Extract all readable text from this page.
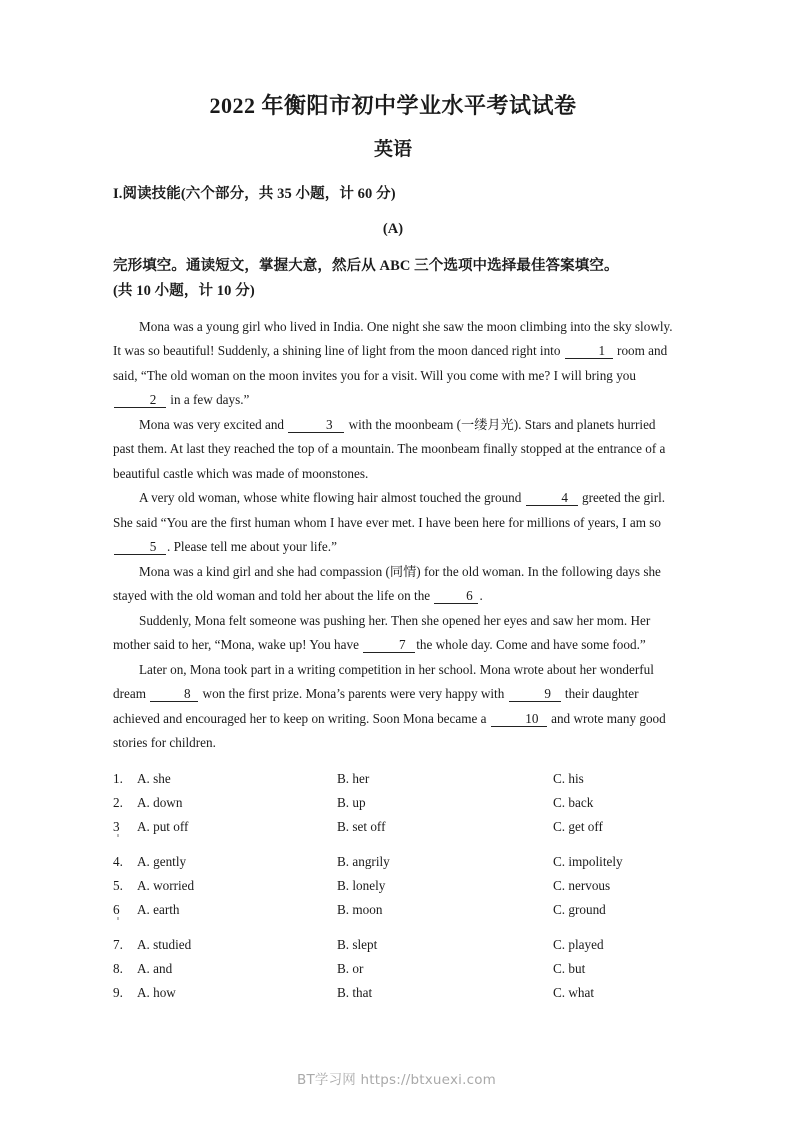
2022 年衡阳市初中学业水平考试试卷
英语
I.阅读技能(六个部分，共 35 小题，计 60 分)
(A)
完形填空。通读短文，掌握大意，然后从 ABC 三个选项中选择最佳答案填空。
(共 10 小题，计 10 分)

Mona was a young girl who lived in India. One night she saw the moon climbing into the sky slowly. It was so beautiful! Suddenly, a shining line of light from the moon danced right into	1 room and said, “The old woman on the moon invites you for a visit. Will you come with me? I will bring you 2 in a few days.”

Mona was very excited and	3 with the moonbeam (一缕月光). Stars and planets hurried past them. At last they reached the top of a mountain. The moonbeam finally stopped at the entrance of a beautiful castle which was made of moonstones.

A very old woman, whose white flowing hair almost touched the ground	4 greeted the girl. She said “You are the first human whom I have ever met. I have been here for millions of years, I am so 5 . Please tell me about your life.”

Mona was a kind girl and she had compassion (同情) for the old woman. In the following days she stayed with the old woman and told her about the life on the 6 .

Suddenly, Mona felt someone was pushing her. Then she opened her eyes and saw her mom. Her mother said to her, “Mona, wake up! You have	7 the whole day. Come and have some food.”

Later on, Mona took part in a writing competition in her school. Mona wrote about her wonderful dream	8 won the first prize. Mona’s parents were very happy with	9 their daughter achieved and encouraged her to keep on writing. Soon Mona became a	10 and wrote many good stories for children.

1.	A. she	B. her	C. his
2.	A. down	B. up	C. back
3	A. put off	B. set off	C. get off
4.	A. gently	B. angrily	C. impolitely
5.	A. worried	B. lonely	C. nervous
6	A. earth	B. moon	C. ground
7.	A. studied	B. slept	C. played
8.	A. and	B. or	C. but
9.	A. how	B. that	C. what
BT学习网 https://btxuexi.com
